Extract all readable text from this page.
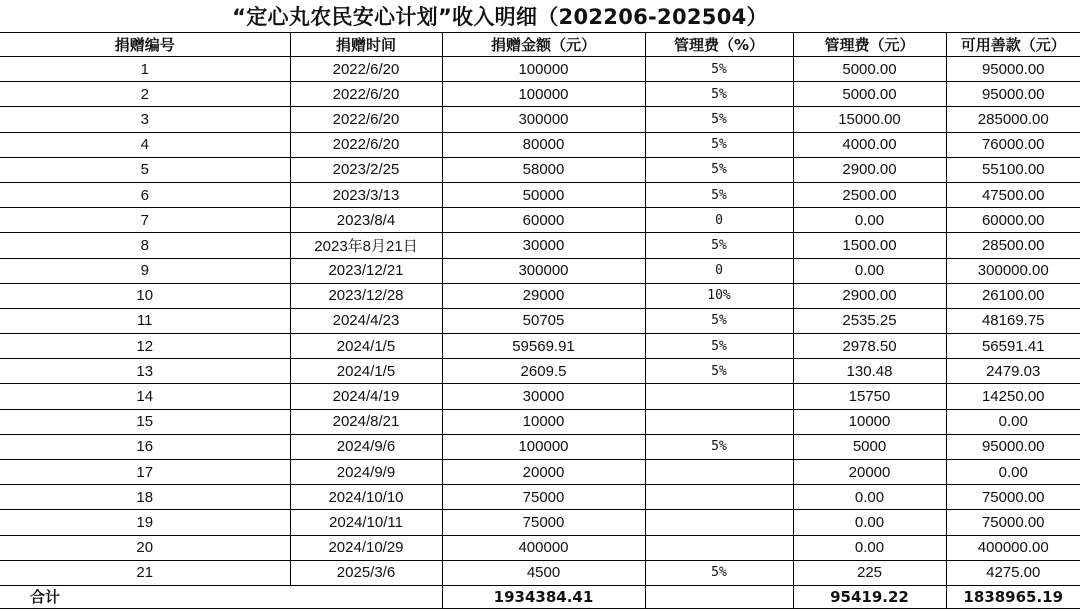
“定心丸农民安心计划”收入明细（202206-202504）
捐赠编号	捐赠时间	捐赠金额（元）	管理费（%）	管理费（元）	可用善款（元）
1	2022/6/20	100000	5%	5000.00	95000.00
2	2022/6/20	100000	5%	5000.00	95000.00
3	2022/6/20	300000	5%	15000.00	285000.00
4	2022/6/20	80000	5%	4000.00	76000.00
5	2023/2/25	58000	5%	2900.00	55100.00
6	2023/3/13	50000	5%	2500.00	47500.00
7	2023/8/4	60000	0	0.00	60000.00
8	2023年8月21日	30000	5%	1500.00	28500.00
9	2023/12/21	300000	0	0.00	300000.00
10	2023/12/28	29000	10%	2900.00	26100.00
11	2024/4/23	50705	5%	2535.25	48169.75
12	2024/1/5	59569.91	5%	2978.50	56591.41
13	2024/1/5	2609.5	5%	130.48	2479.03
14	2024/4/19	30000		15750	14250.00
15	2024/8/21	10000		10000	0.00
16	2024/9/6	100000	5%	5000	95000.00
17	2024/9/9	20000		20000	0.00
18	2024/10/10	75000		0.00	75000.00
19	2024/10/11	75000		0.00	75000.00
20	2024/10/29	400000		0.00	400000.00
21	2025/3/6	4500	5%	225	4275.00
合计		1934384.41		95419.22	1838965.19
